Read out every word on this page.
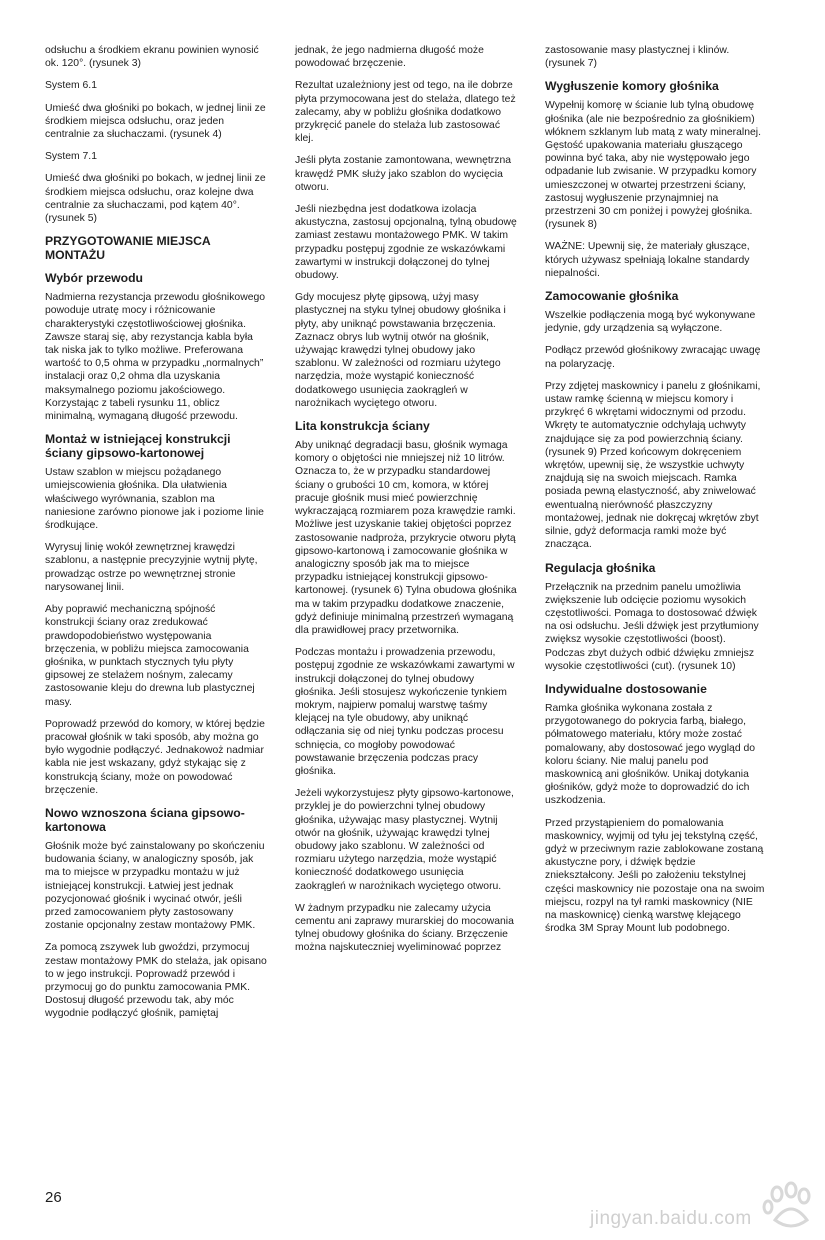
odsłuchu a środkiem ekranu powinien wynosić ok. 120°. (rysunek 3)

System 6.1

Umieść dwa głośniki po bokach, w jednej linii ze środkiem miejsca odsłuchu, oraz jeden centralnie za słuchaczami. (rysunek 4)

System 7.1

Umieść dwa głośniki po bokach, w jednej linii ze środkiem miejsca odsłuchu, oraz kolejne dwa centralnie za słuchaczami, pod kątem 40°. (rysunek 5)

PRZYGOTOWANIE MIEJSCA MONTAŻU
Wybór przewodu

Nadmierna rezystancja przewodu głośnikowego powoduje utratę mocy i różnicowanie charakterystyki częstotliwościowej głośnika. Zawsze staraj się, aby rezystancja kabla była tak niska jak to tylko możliwe. Preferowana wartość to 0,5 ohma w przypadku „normalnych” instalacji oraz 0,2 ohma dla uzyskania maksymalnego poziomu jakościowego. Korzystając z tabeli rysunku 11, oblicz minimalną, wymaganą długość przewodu.

Montaż w istniejącej konstrukcji ściany gipsowo-kartonowej

Ustaw szablon w miejscu pożądanego umiejscowienia głośnika. Dla ułatwienia właściwego wyrównania, szablon ma naniesione zarówno pionowe jak i poziome linie środkujące.

Wyrysuj linię wokół zewnętrznej krawędzi szablonu, a następnie precyzyjnie wytnij płytę, prowadząc ostrze po wewnętrznej stronie narysowanej linii.

Aby poprawić mechaniczną spójność konstrukcji ściany oraz zredukować prawdopodobieństwo występowania brzęczenia, w pobliżu miejsca zamocowania głośnika, w punktach stycznych tyłu płyty gipsowej ze stelażem nośnym, zalecamy zastosowanie kleju do drewna lub plastycznej masy.

Poprowadź przewód do komory, w której będzie pracował głośnik w taki sposób, aby można go było wygodnie podłączyć. Jednakowoż nadmiar kabla nie jest wskazany, gdyż stykając się z konstrukcją ściany, może on powodować brzęczenie.

Nowo wznoszona ściana gipsowo-kartonowa

Głośnik może być zainstalowany po skończeniu budowania ściany, w analogiczny sposób, jak ma to miejsce w przypadku montażu w już istniejącej konstrukcji. Łatwiej jest jednak pozycjonować głośnik i wycinać otwór, jeśli przed zamocowaniem płyty zastosowany zostanie opcjonalny zestaw montażowy PMK.

Za pomocą zszywek lub gwoździ, przymocuj zestaw montażowy PMK do stelaża, jak opisano to w jego instrukcji. Poprowadź przewód i przymocuj go do punktu zamocowania PMK. Dostosuj długość przewodu tak, aby móc wygodnie podłączyć głośnik, pamiętaj

jednak, że jego nadmierna długość może powodować brzęczenie.

Rezultat uzależniony jest od tego, na ile dobrze płyta przymocowana jest do stelaża, dlatego też zalecamy, aby w pobliżu głośnika dodatkowo przykręcić panele do stelaża lub zastosować klej.

Jeśli płyta zostanie zamontowana, wewnętrzna krawędź PMK służy jako szablon do wycięcia otworu.

Jeśli niezbędna jest dodatkowa izolacja akustyczna, zastosuj opcjonalną, tylną obudowę zamiast zestawu montażowego PMK. W takim przypadku postępuj zgodnie ze wskazówkami zawartymi w instrukcji dołączonej do tylnej obudowy.

Gdy mocujesz płytę gipsową, użyj masy plastycznej na styku tylnej obudowy głośnika i płyty, aby uniknąć powstawania brzęczenia. Zaznacz obrys lub wytnij otwór na głośnik, używając krawędzi tylnej obudowy jako szablonu. W zależności od rozmiaru użytego narzędzia, może wystąpić konieczność dodatkowego usunięcia zaokrągleń w narożnikach wyciętego otworu.

Lita konstrukcja ściany

Aby uniknąć degradacji basu, głośnik wymaga komory o objętości nie mniejszej niż 10 litrów. Oznacza to, że w przypadku standardowej ściany o grubości 10 cm, komora, w której pracuje głośnik musi mieć powierzchnię wykraczającą rozmiarem poza krawędzie ramki. Możliwe jest uzyskanie takiej objętości poprzez zastosowanie nadproża, przykrycie otworu płytą gipsowo-kartonową i zamocowanie głośnika w analogiczny sposób jak ma to miejsce przypadku istniejącej konstrukcji gipsowo-kartonowej. (rysunek 6) Tylna obudowa głośnika ma w takim przypadku dodatkowe znaczenie, gdyż definiuje minimalną przestrzeń wymaganą dla prawidłowej pracy przetwornika.

Podczas montażu i prowadzenia przewodu, postępuj zgodnie ze wskazówkami zawartymi w instrukcji dołączonej do tylnej obudowy głośnika. Jeśli stosujesz wykończenie tynkiem mokrym, najpierw pomaluj warstwę taśmy klejącej na tyle obudowy, aby uniknąć odłączania się od niej tynku podczas procesu schnięcia, co mogłoby powodować powstawanie brzęczenia podczas pracy głośnika.

Jeżeli wykorzystujesz płyty gipsowo-kartonowe, przyklej je do powierzchni tylnej obudowy głośnika, używając masy plastycznej. Wytnij otwór na głośnik, używając krawędzi tylnej obudowy jako szablonu. W zależności od rozmiaru użytego narzędzia, może wystąpić konieczność dodatkowego usunięcia zaokrągleń w narożnikach wyciętego otworu.

W żadnym przypadku nie zalecamy użycia cementu ani zaprawy murarskiej do mocowania tylnej obudowy głośnika do ściany. Brzęczenie można najskuteczniej wyeliminować poprzez

zastosowanie masy plastycznej i klinów. (rysunek 7)

Wygłuszenie komory głośnika

Wypełnij komorę w ścianie lub tylną obudowę głośnika (ale nie bezpośrednio za głośnikiem) włóknem szklanym lub matą z waty mineralnej. Gęstość upakowania materiału głuszącego powinna być taka, aby nie występowało jego odpadanie lub zwisanie. W przypadku komory umieszczonej w otwartej przestrzeni ściany, zastosuj wygłuszenie przynajmniej na przestrzeni 30 cm poniżej i powyżej głośnika. (rysunek 8)

WAŻNE: Upewnij się, że materiały głuszące, których używasz spełniają lokalne standardy niepalności.

Zamocowanie głośnika

Wszelkie podłączenia mogą być wykonywane jedynie, gdy urządzenia są wyłączone.

Podłącz przewód głośnikowy zwracając uwagę na polaryzację.

Przy zdjętej maskownicy i panelu z głośnikami, ustaw ramkę ścienną w miejscu komory i przykręć 6 wkrętami widocznymi od przodu. Wkręty te automatycznie odchylają uchwyty znajdujące się za pod powierzchnią ściany. (rysunek 9) Przed końcowym dokręceniem wkrętów, upewnij się, że wszystkie uchwyty znajdują się na swoich miejscach. Ramka posiada pewną elastyczność, aby zniwelować ewentualną nierówność płaszczyzny montażowej, jednak nie dokręcaj wkrętów zbyt silnie, gdyż deformacja ramki może być znacząca.

Regulacja głośnika

Przełącznik na przednim panelu umożliwia zwiększenie lub odcięcie poziomu wysokich częstotliwości. Pomaga to dostosować dźwięk na osi odsłuchu. Jeśli dźwięk jest przytłumiony zwiększ wysokie częstotliwości (boost). Podczas zbyt dużych odbić dźwięku zmniejsz wysokie częstotliwości (cut). (rysunek 10)

Indywidualne dostosowanie

Ramka głośnika wykonana została z przygotowanego do pokrycia farbą, białego, półmatowego materiału, który może zostać pomalowany, aby dostosować jego wygląd do koloru ściany. Nie maluj panelu pod maskownicą ani głośników. Unikaj dotykania głośników, gdyż może to doprowadzić do ich uszkodzenia.

Przed przystąpieniem do pomalowania maskownicy, wyjmij od tyłu jej tekstylną część, gdyż w przeciwnym razie zablokowane zostaną akustyczne pory, i dźwięk będzie zniekształcony. Jeśli po założeniu tekstylnej części maskownicy nie pozostaje ona na swoim miejscu, rozpyl na tył ramki maskownicy (NIE na maskownicę) cienką warstwę klejącego środka 3M Spray Mount lub podobnego.

26
jingyan.baidu.com
